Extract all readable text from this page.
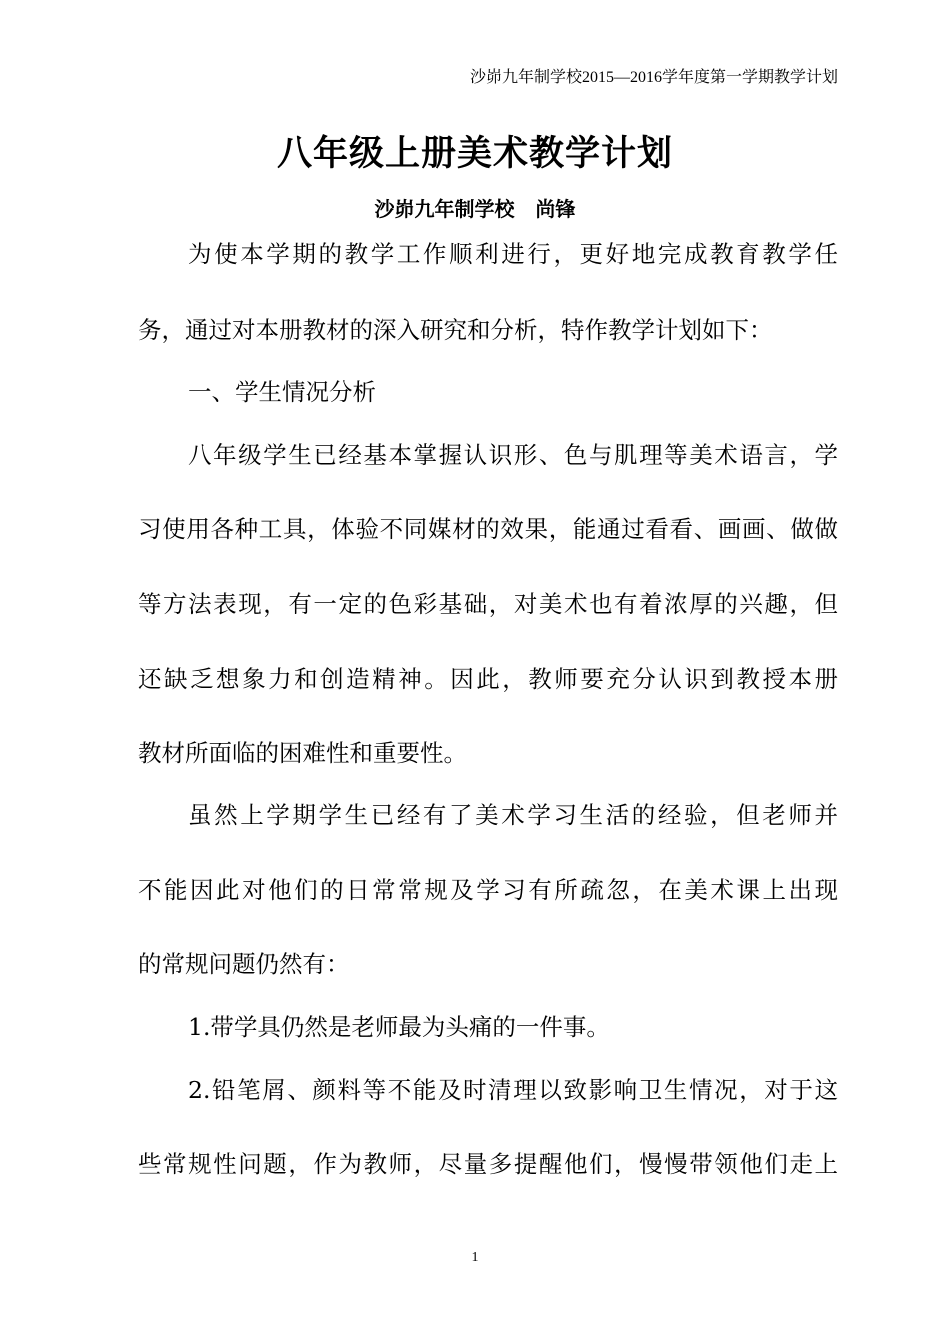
沙峁九年制学校2015—2016学年度第一学期教学计划
八年级上册美术教学计划
沙峁九年制学校   尚锋
为使本学期的教学工作顺利进行，更好地完成教育教学任
务，通过对本册教材的深入研究和分析，特作教学计划如下：
一、学生情况分析
八年级学生已经基本掌握认识形、色与肌理等美术语言，学
习使用各种工具，体验不同媒材的效果，能通过看看、画画、做做
等方法表现，有一定的色彩基础，对美术也有着浓厚的兴趣，但
还缺乏想象力和创造精神。因此，教师要充分认识到教授本册
教材所面临的困难性和重要性。
虽然上学期学生已经有了美术学习生活的经验，但老师并
不能因此对他们的日常常规及学习有所疏忽，在美术课上出现
的常规问题仍然有：
1.带学具仍然是老师最为头痛的一件事。
2.铅笔屑、颜料等不能及时清理以致影响卫生情况，对于这
些常规性问题，作为教师，尽量多提醒他们，慢慢带领他们走上
1
